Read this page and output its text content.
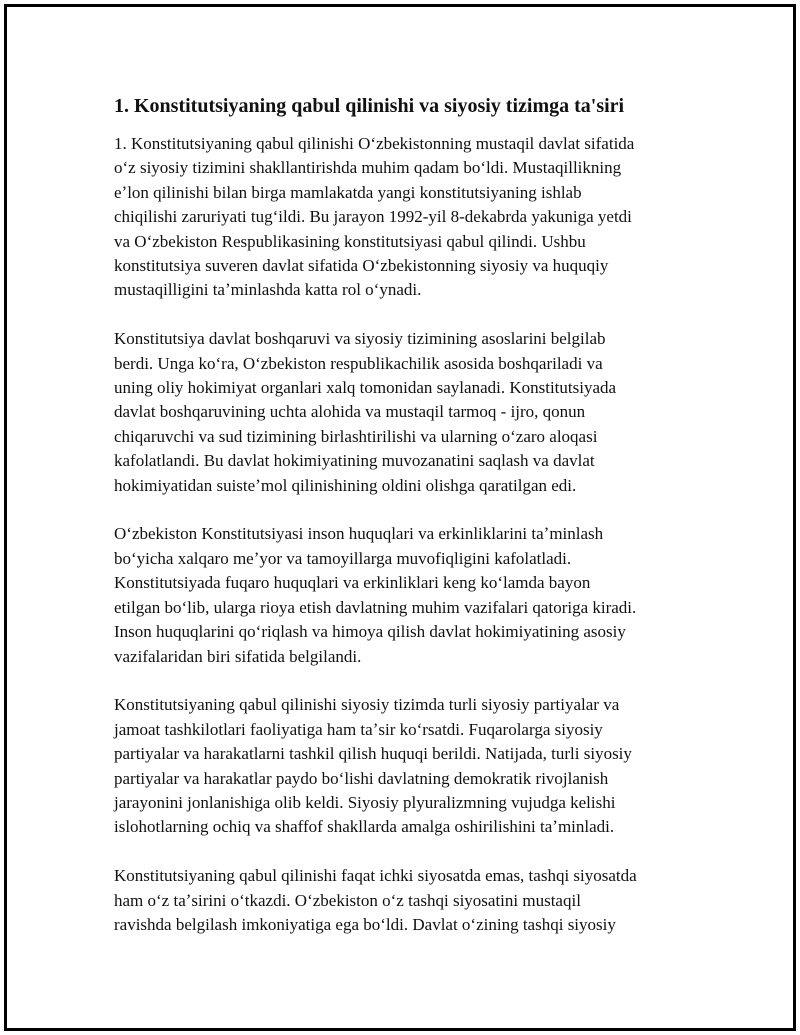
1. Konstitutsiyaning qabul qilinishi va siyosiy tizimga ta'siri

1. Konstitutsiyaning qabul qilinishi Oʻzbekistonning mustaqil davlat sifatida
oʻz siyosiy tizimini shakllantirishda muhim qadam boʻldi. Mustaqillikning
eʼlon qilinishi bilan birga mamlakatda yangi konstitutsiyaning ishlab
chiqilishi zaruriyati tugʻildi. Bu jarayon 1992-yil 8-dekabrda yakuniga yetdi
va Oʻzbekiston Respublikasining konstitutsiyasi qabul qilindi. Ushbu
konstitutsiya suveren davlat sifatida Oʻzbekistonning siyosiy va huquqiy
mustaqilligini taʼminlashda katta rol oʻynadi.

Konstitutsiya davlat boshqaruvi va siyosiy tizimining asoslarini belgilab
berdi. Unga koʻra, Oʻzbekiston respublikachilik asosida boshqariladi va
uning oliy hokimiyat organlari xalq tomonidan saylanadi. Konstitutsiyada
davlat boshqaruvining uchta alohida va mustaqil tarmoq - ijro, qonun
chiqaruvchi va sud tizimining birlashtirilishi va ularning oʻzaro aloqasi
kafolatlandi. Bu davlat hokimiyatining muvozanatini saqlash va davlat
hokimiyatidan suisteʼmol qilinishining oldini olishga qaratilgan edi.

Oʻzbekiston Konstitutsiyasi inson huquqlari va erkinliklarini taʼminlash
boʻyicha xalqaro meʼyor va tamoyillarga muvofiqligini kafolatladi.
Konstitutsiyada fuqaro huquqlari va erkinliklari keng koʻlamda bayon
etilgan boʻlib, ularga rioya etish davlatning muhim vazifalari qatoriga kiradi.
Inson huquqlarini qoʻriqlash va himoya qilish davlat hokimiyatining asosiy
vazifalaridan biri sifatida belgilandi.

Konstitutsiyaning qabul qilinishi siyosiy tizimda turli siyosiy partiyalar va
jamoat tashkilotlari faoliyatiga ham taʼsir koʻrsatdi. Fuqarolarga siyosiy
partiyalar va harakatlarni tashkil qilish huquqi berildi. Natijada, turli siyosiy
partiyalar va harakatlar paydo boʻlishi davlatning demokratik rivojlanish
jarayonini jonlanishiga olib keldi. Siyosiy plyuralizmning vujudga kelishi
islohotlarning ochiq va shaffof shakllarda amalga oshirilishini taʼminladi.

Konstitutsiyaning qabul qilinishi faqat ichki siyosatda emas, tashqi siyosatda
ham oʻz taʼsirini oʻtkazdi. Oʻzbekiston oʻz tashqi siyosatini mustaqil
ravishda belgilash imkoniyatiga ega boʻldi. Davlat oʻzining tashqi siyosiy
